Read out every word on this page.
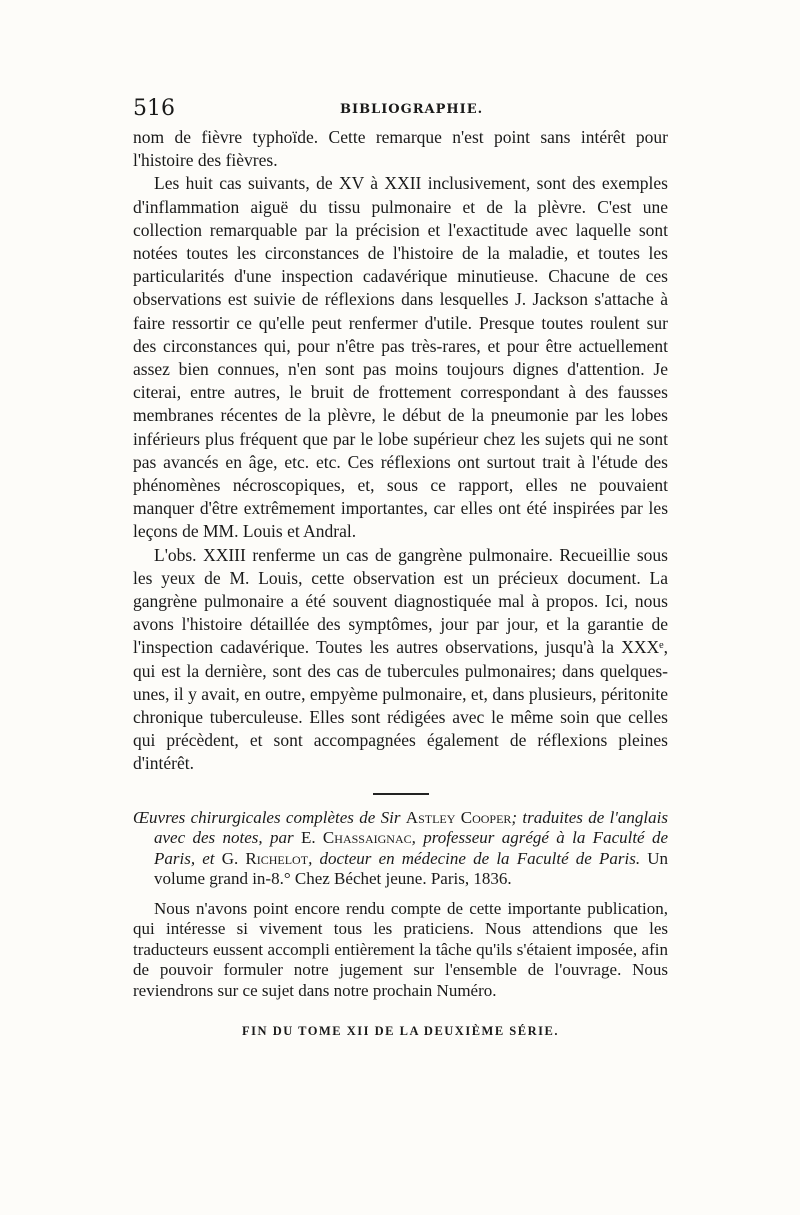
516	BIBLIOGRAPHIE.

nom de fièvre typhoïde. Cette remarque n'est point sans intérêt pour l'histoire des fièvres.

Les huit cas suivants, de XV à XXII inclusivement, sont des exemples d'inflammation aiguë du tissu pulmonaire et de la plèvre. C'est une collection remarquable par la précision et l'exactitude avec laquelle sont notées toutes les circonstances de l'histoire de la maladie, et toutes les particularités d'une inspection cadavérique minutieuse. Chacune de ces observations est suivie de réflexions dans lesquelles J. Jackson s'attache à faire ressortir ce qu'elle peut renfermer d'utile. Presque toutes roulent sur des circonstances qui, pour n'être pas très-rares, et pour être actuellement assez bien connues, n'en sont pas moins toujours dignes d'attention. Je citerai, entre autres, le bruit de frottement correspondant à des fausses membranes récentes de la plèvre, le début de la pneumonie par les lobes inférieurs plus fréquent que par le lobe supérieur chez les sujets qui ne sont pas avancés en âge, etc. etc. Ces réflexions ont surtout trait à l'étude des phénomènes nécroscopiques, et, sous ce rapport, elles ne pouvaient manquer d'être extrêmement importantes, car elles ont été inspirées par les leçons de MM. Louis et Andral.

L'obs. XXIII renferme un cas de gangrène pulmonaire. Recueillie sous les yeux de M. Louis, cette observation est un précieux document. La gangrène pulmonaire a été souvent diagnostiquée mal à propos. Ici, nous avons l'histoire détaillée des symptômes, jour par jour, et la garantie de l'inspection cadavérique. Toutes les autres observations, jusqu'à la XXXᵉ, qui est la dernière, sont des cas de tubercules pulmonaires; dans quelques-unes, il y avait, en outre, empyème pulmonaire, et, dans plusieurs, péritonite chronique tuberculeuse. Elles sont rédigées avec le même soin que celles qui précèdent, et sont accompagnées également de réflexions pleines d'intérêt.

Œuvres chirurgicales complètes de Sir Astley Cooper; traduites de l'anglais avec des notes, par E. Chassaignac, professeur agrégé à la Faculté de Paris, et G. Richelot, docteur en médecine de la Faculté de Paris. Un volume grand in-8.° Chez Béchet jeune. Paris, 1836.

Nous n'avons point encore rendu compte de cette importante publication, qui intéresse si vivement tous les praticiens. Nous attendions que les traducteurs eussent accompli entièrement la tâche qu'ils s'étaient imposée, afin de pouvoir formuler notre jugement sur l'ensemble de l'ouvrage. Nous reviendrons sur ce sujet dans notre prochain Numéro.

FIN DU TOME XII DE LA DEUXIÈME SÉRIE.
